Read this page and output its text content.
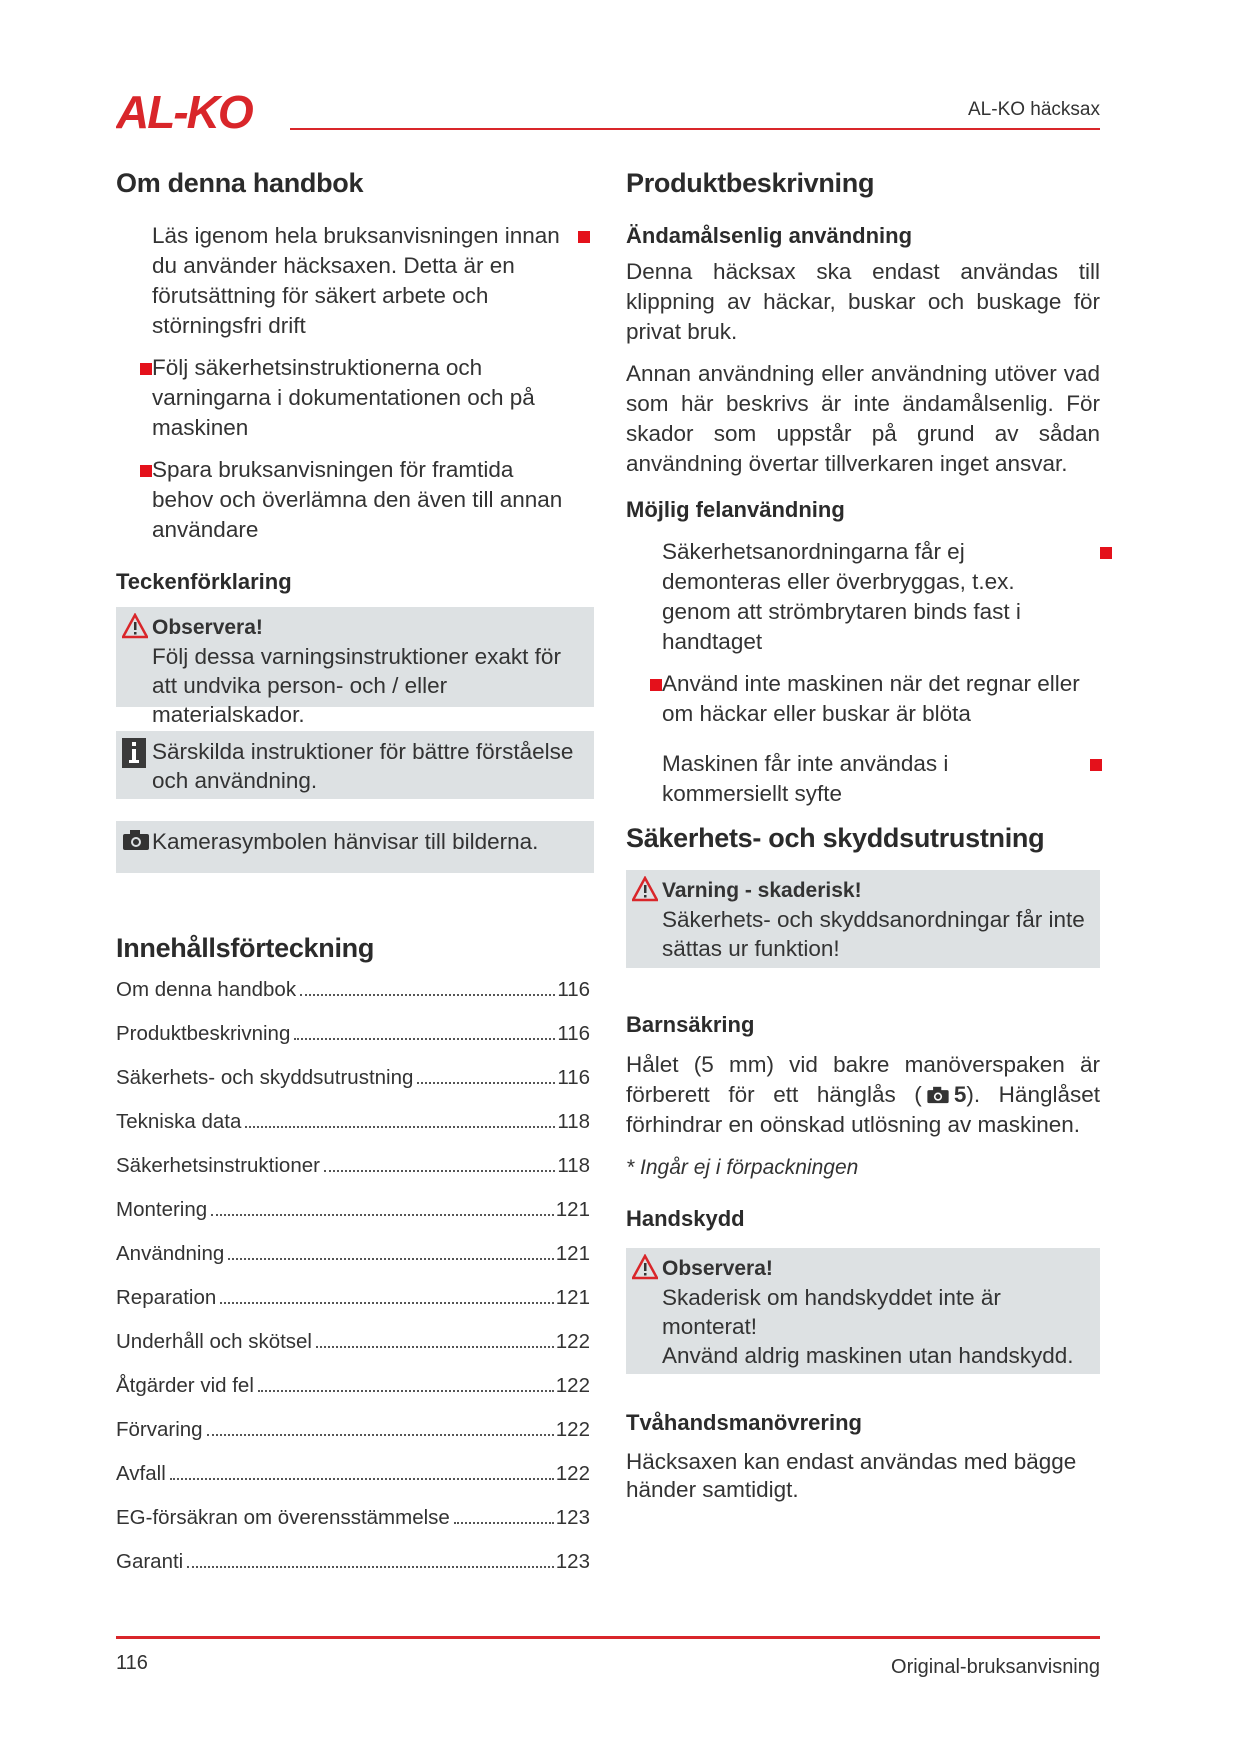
AL-KO	AL-KO häcksax
Om denna handbok
Läs igenom hela bruksanvisningen innan du använder häcksaxen. Detta är en förutsättning för säkert arbete och störningsfri drift
Följ säkerhetsinstruktionerna och varningarna i dokumentationen och på maskinen
Spara bruksanvisningen för framtida behov och överlämna den även till annan användare
Teckenförklaring
Observera!
Följ dessa varningsinstruktioner exakt för att undvika person- och / eller materialskador.
Särskilda instruktioner för bättre förståelse och användning.
Kamerasymbolen hänvisar till bilderna.
Innehållsförteckning
Om denna handbok	116
Produktbeskrivning	116
Säkerhets- och skyddsutrustning	116
Tekniska data	118
Säkerhetsinstruktioner	118
Montering	121
Användning	121
Reparation	121
Underhåll och skötsel	122
Åtgärder vid fel	122
Förvaring	122
Avfall	122
EG-försäkran om överensstämmelse	123
Garanti	123
Produktbeskrivning
Ändamålsenlig användning

Denna häcksax ska endast användas till klippning av häckar, buskar och buskage för privat bruk.

Annan användning eller användning utöver vad som här beskrivs är inte ändamålsenlig. För skador som uppstår på grund av sådan användning övertar tillverkaren inget ansvar.

Möjlig felanvändning
Säkerhetsanordningarna får ej demonteras eller överbryggas, t.ex. genom att strömbrytaren binds fast i handtaget
Använd inte maskinen när det regnar eller om häckar eller buskar är blöta
Maskinen får inte användas i kommersiellt syfte
Säkerhets- och skyddsutrustning
Varning - skaderisk!
Säkerhets- och skyddsanordningar får inte sättas ur funktion!
Barnsäkring

Hålet (5 mm) vid bakre manöverspaken är förberett för ett hänglås ( 5). Hänglåset förhindrar en oönskad utlösning av maskinen.

* Ingår ej i förpackningen

Handskydd
Observera!
Skaderisk om handskyddet inte är monterat!
Använd aldrig maskinen utan handskydd.
Tvåhandsmanövrering

Häcksaxen kan endast användas med bägge händer samtidigt.

116	Original-bruksanvisning
